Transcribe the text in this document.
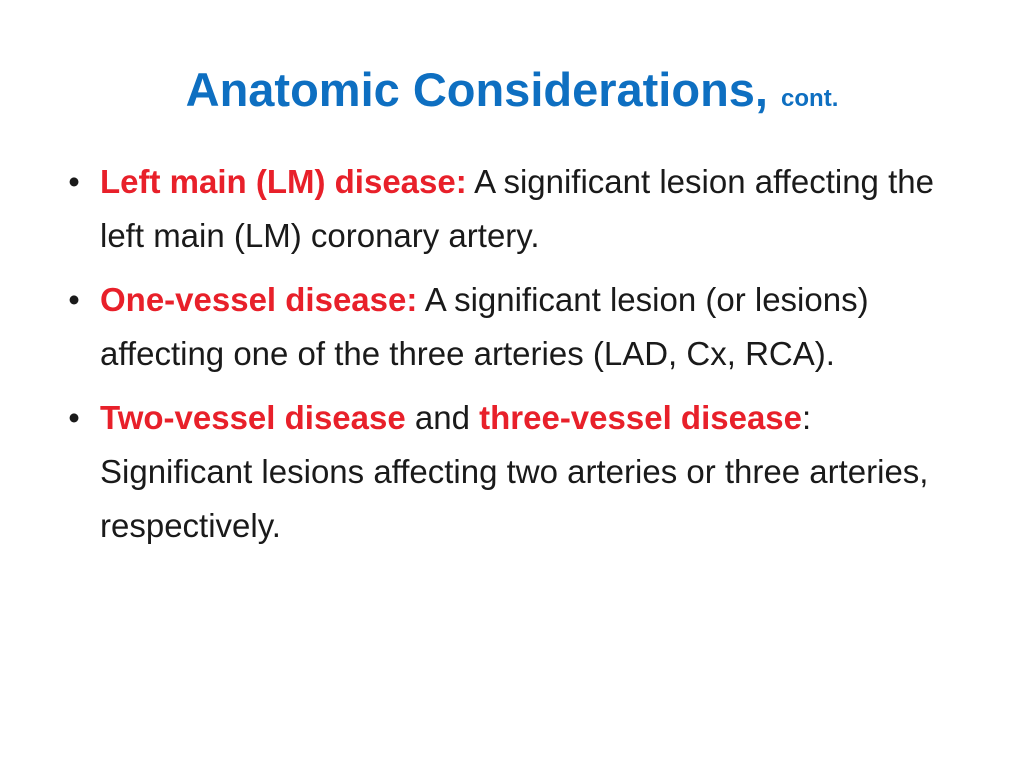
Anatomic Considerations, cont.
• Left main (LM) disease: A significant lesion affecting the left main (LM) coronary artery.
• One-vessel disease: A significant lesion (or lesions) affecting one of the three arteries (LAD, Cx, RCA).
• Two-vessel disease and three-vessel disease: Significant lesions affecting two arteries or three arteries, respectively.
